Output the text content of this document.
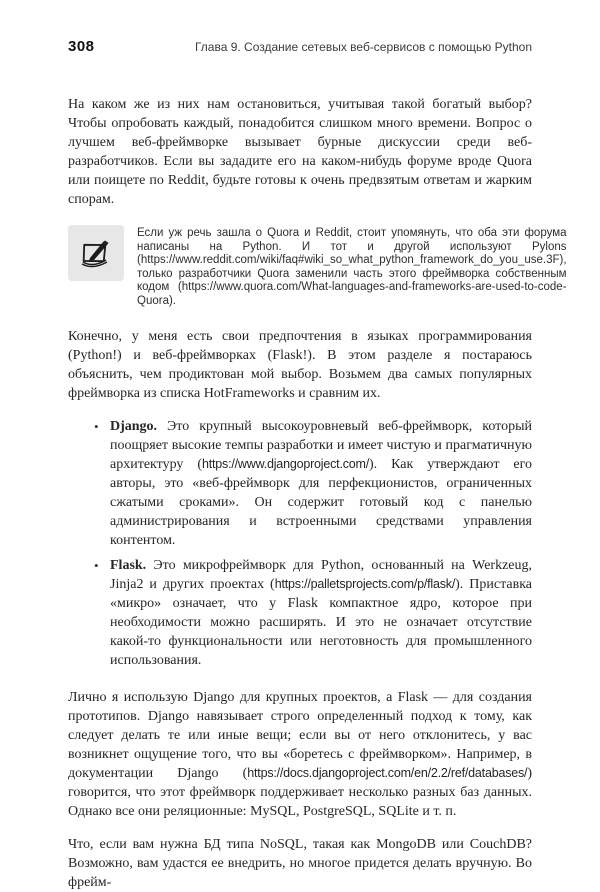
308	Глава 9. Создание сетевых веб-сервисов с помощью Python

На каком же из них нам остановиться, учитывая такой богатый выбор? Чтобы опробовать каждый, понадобится слишком много времени. Вопрос о лучшем веб-фреймворке вызывает бурные дискуссии среди веб-разработчиков. Если вы зададите его на каком-нибудь форуме вроде Quora или поищете по Reddit, будьте готовы к очень предвзятым ответам и жарким спорам.

Если уж речь зашла о Quora и Reddit, стоит упомянуть, что оба эти форума написаны на Python. И тот и другой используют Pylons (https://www.reddit.com/wiki/faq#wiki_so_what_python_framework_do_you_use.3F), только разработчики Quora заменили часть этого фреймворка собственным кодом (https://www.quora.com/What-languages-and-frameworks-are-used-to-code-Quora).

Конечно, у меня есть свои предпочтения в языках программирования (Python!) и веб-фреймворках (Flask!). В этом разделе я постараюсь объяснить, чем продиктован мой выбор. Возьмем два самых популярных фреймворка из списка HotFrameworks и сравним их.

• Django. Это крупный высокоуровневый веб-фреймворк, который поощряет высокие темпы разработки и имеет чистую и прагматичную архитектуру (https://www.djangoproject.com/). Как утверждают его авторы, это «веб-фреймворк для перфекционистов, ограниченных сжатыми сроками». Он содержит готовый код с панелью администрирования и встроенными средствами управления контентом.
• Flask. Это микрофреймворк для Python, основанный на Werkzeug, Jinja2 и других проектах (https://palletsprojects.com/p/flask/). Приставка «микро» означает, что у Flask компактное ядро, которое при необходимости можно расширять. И это не означает отсутствие какой-то функциональности или неготовность для промышленного использования.

Лично я использую Django для крупных проектов, а Flask — для создания прототипов. Django навязывает строго определенный подход к тому, как следует делать те или иные вещи; если вы от него отклонитесь, у вас возникнет ощущение того, что вы «боретесь с фреймворком». Например, в документации Django (https://docs.djangoproject.com/en/2.2/ref/databases/) говорится, что этот фреймворк поддерживает несколько разных баз данных. Однако все они реляционные: MySQL, PostgreSQL, SQLite и т. п.

Что, если вам нужна БД типа NoSQL, такая как MongoDB или CouchDB? Возможно, вам удастся ее внедрить, но многое придется делать вручную. Во фрейм-
